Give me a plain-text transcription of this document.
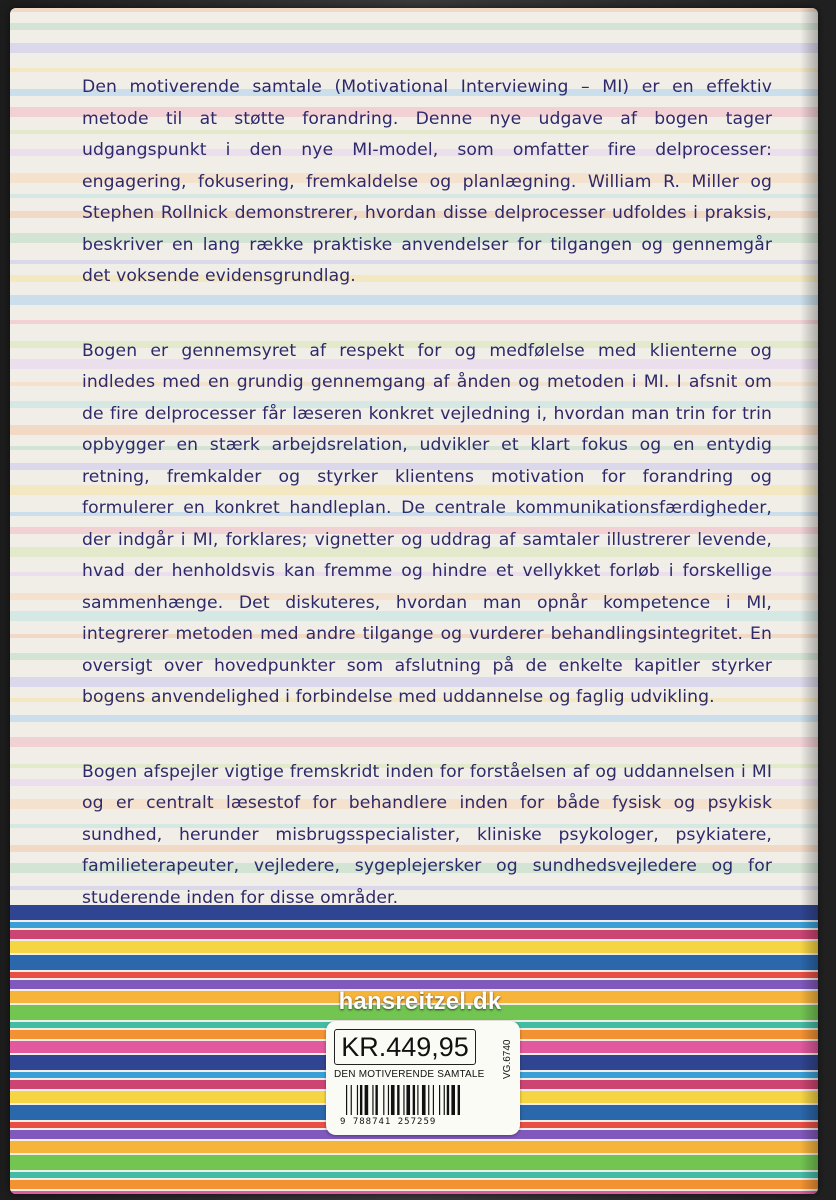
Den motiverende samtale (Motivational Interviewing – MI) er en effektiv metode til at støtte forandring. Denne nye udgave af bogen tager udgangspunkt i den nye MI-model, som omfatter fire delprocesser: engagering, fokusering, fremkaldelse og planlægning. William R. Miller og Stephen Rollnick demonstrerer, hvordan disse delprocesser udfoldes i praksis, beskriver en lang række praktiske anvendelser for tilgangen og gennemgår det voksende evidensgrundlag.

Bogen er gennemsyret af respekt for og medfølelse med klienterne og indledes med en grundig gennemgang af ånden og metoden i MI. I afsnit om de fire delprocesser får læseren konkret vejledning i, hvordan man trin for trin opbygger en stærk arbejdsrelation, udvikler et klart fokus og en entydig retning, fremkalder og styrker klientens motivation for forandring og formulerer en konkret handleplan. De centrale kommunikationsfærdigheder, der indgår i MI, forklares; vignetter og uddrag af samtaler illustrerer levende, hvad der henholdsvis kan fremme og hindre et vellykket forløb i forskellige sammenhænge. Det diskuteres, hvordan man opnår kompetence i MI, integrerer metoden med andre tilgange og vurderer behandlingsintegritet. En oversigt over hovedpunkter som afslutning på de enkelte kapitler styrker bogens anvendelighed i forbindelse med uddannelse og faglig udvikling.

Bogen afspejler vigtige fremskridt inden for forståelsen af og uddannelsen i MI og er centralt læsestof for behandlere inden for både fysisk og psykisk sundhed, herunder misbrugsspecialister, kliniske psykologer, psykiatere, familieterapeuter, vejledere, sygeplejersker og sundhedsvejledere og for studerende inden for disse områder.

hansreitzel.dk
KR.449,95
DEN MOTIVERENDE SAMTALE
9 788741 257259
VG.6740
